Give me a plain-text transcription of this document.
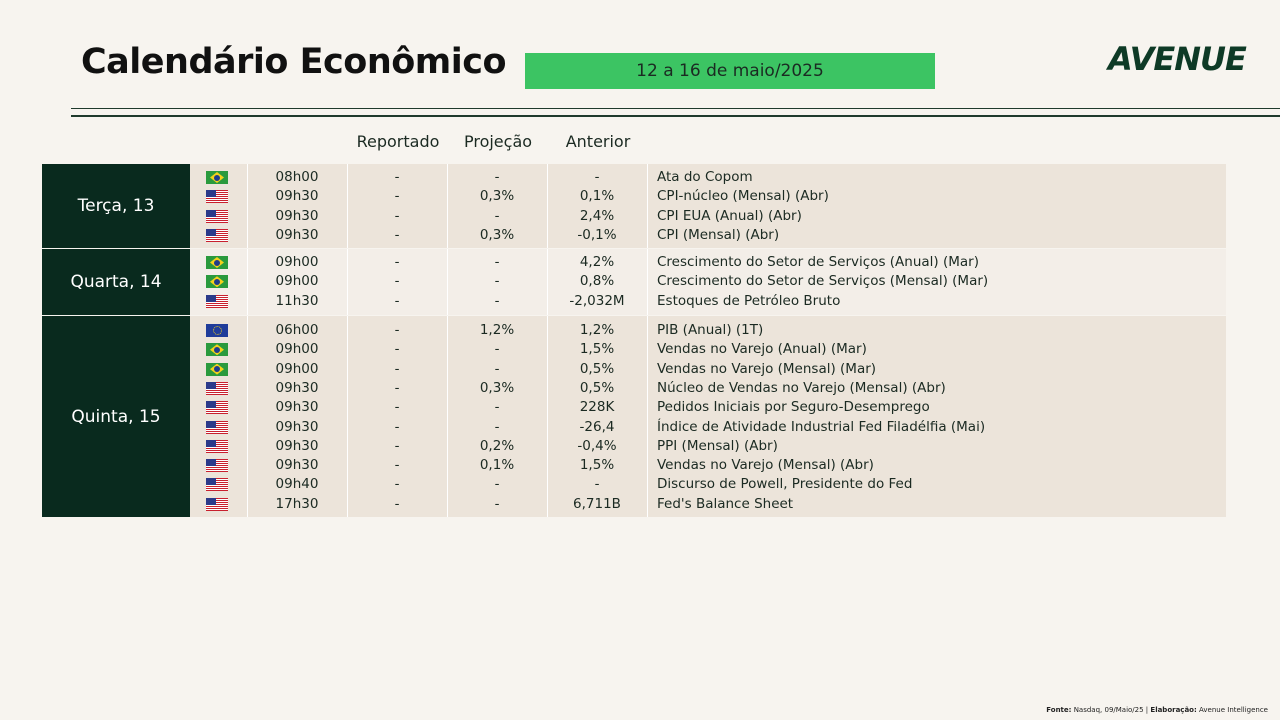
Calendário Econômico	12 a 16 de maio/2025	AVENUE
Reportado	Projeção	Anterior
Terça, 13
08h00	-	-	-	Ata do Copom
09h30	-	0,3%	0,1%	CPI-núcleo (Mensal) (Abr)
09h30	-	-	2,4%	CPI EUA (Anual) (Abr)
09h30	-	0,3%	-0,1%	CPI (Mensal) (Abr)
Quarta, 14
09h00	-	-	4,2%	Crescimento do Setor de Serviços (Anual) (Mar)
09h00	-	-	0,8%	Crescimento do Setor de Serviços (Mensal) (Mar)
11h30	-	-	-2,032M	Estoques de Petróleo Bruto
Quinta, 15
06h00	-	1,2%	1,2%	PIB (Anual) (1T)
09h00	-	-	1,5%	Vendas no Varejo (Anual) (Mar)
09h00	-	-	0,5%	Vendas no Varejo (Mensal) (Mar)
09h30	-	0,3%	0,5%	Núcleo de Vendas no Varejo (Mensal) (Abr)
09h30	-	-	228K	Pedidos Iniciais por Seguro-Desemprego
09h30	-	-	-26,4	Índice de Atividade Industrial Fed Filadélfia (Mai)
09h30	-	0,2%	-0,4%	PPI (Mensal) (Abr)
09h30	-	0,1%	1,5%	Vendas no Varejo (Mensal) (Abr)
09h40	-	-	-	Discurso de Powell, Presidente do Fed
17h30	-	-	6,711B	Fed's Balance Sheet
Fonte: Nasdaq, 09/Maio/25 | Elaboração: Avenue Intelligence
